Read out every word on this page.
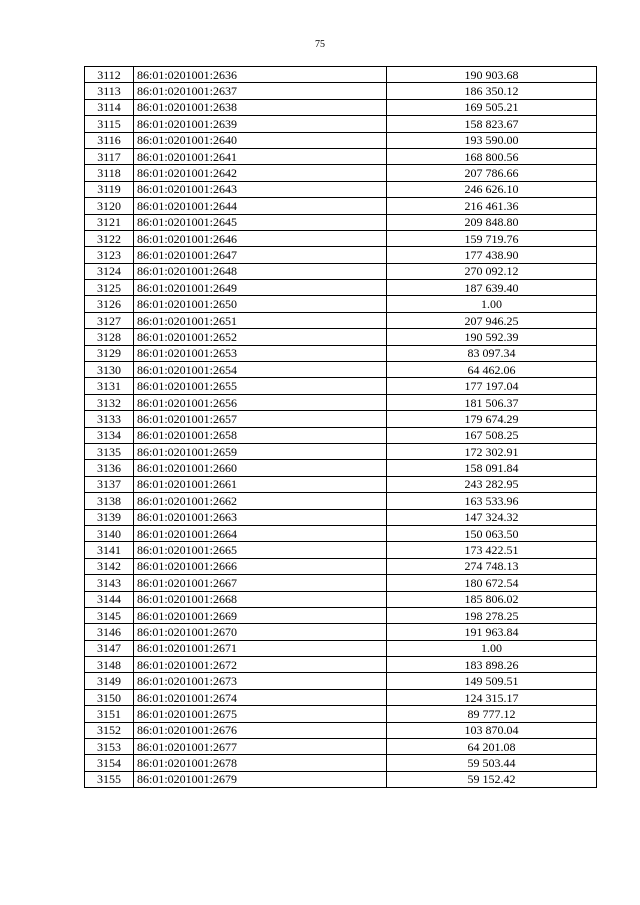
75
3112	86:01:0201001:2636	190 903.68
3113	86:01:0201001:2637	186 350.12
3114	86:01:0201001:2638	169 505.21
3115	86:01:0201001:2639	158 823.67
3116	86:01:0201001:2640	193 590.00
3117	86:01:0201001:2641	168 800.56
3118	86:01:0201001:2642	207 786.66
3119	86:01:0201001:2643	246 626.10
3120	86:01:0201001:2644	216 461.36
3121	86:01:0201001:2645	209 848.80
3122	86:01:0201001:2646	159 719.76
3123	86:01:0201001:2647	177 438.90
3124	86:01:0201001:2648	270 092.12
3125	86:01:0201001:2649	187 639.40
3126	86:01:0201001:2650	1.00
3127	86:01:0201001:2651	207 946.25
3128	86:01:0201001:2652	190 592.39
3129	86:01:0201001:2653	83 097.34
3130	86:01:0201001:2654	64 462.06
3131	86:01:0201001:2655	177 197.04
3132	86:01:0201001:2656	181 506.37
3133	86:01:0201001:2657	179 674.29
3134	86:01:0201001:2658	167 508.25
3135	86:01:0201001:2659	172 302.91
3136	86:01:0201001:2660	158 091.84
3137	86:01:0201001:2661	243 282.95
3138	86:01:0201001:2662	163 533.96
3139	86:01:0201001:2663	147 324.32
3140	86:01:0201001:2664	150 063.50
3141	86:01:0201001:2665	173 422.51
3142	86:01:0201001:2666	274 748.13
3143	86:01:0201001:2667	180 672.54
3144	86:01:0201001:2668	185 806.02
3145	86:01:0201001:2669	198 278.25
3146	86:01:0201001:2670	191 963.84
3147	86:01:0201001:2671	1.00
3148	86:01:0201001:2672	183 898.26
3149	86:01:0201001:2673	149 509.51
3150	86:01:0201001:2674	124 315.17
3151	86:01:0201001:2675	89 777.12
3152	86:01:0201001:2676	103 870.04
3153	86:01:0201001:2677	64 201.08
3154	86:01:0201001:2678	59 503.44
3155	86:01:0201001:2679	59 152.42
